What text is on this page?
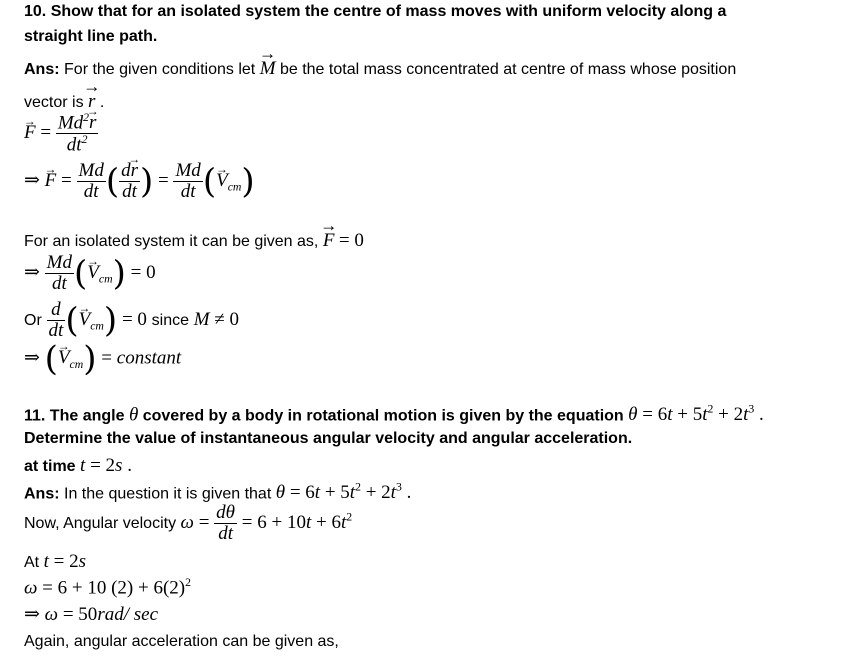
10. Show that for an isolated system the centre of mass moves with uniform velocity along a
straight line path.
Ans: For the given conditions let → M be the total mass concentrated at centre of mass whose position
vector is → r .
→ $F = \frac{Md^2\to r}{dt^2}$
⇒ → $F = \frac{Md}{dt}$ ( $\frac{d\to r}{dt}$ ) = $\frac{Md}{dt}$ (→ $V_{cm}$)
For an isolated system it can be given as, → F = 0
⇒ $\frac{Md}{dt}$ (→ $V_{cm}) = 0$
Or $\frac{d}{dt}$ (→ $V_{cm}) = 0$ since M ≠ 0
⇒ (→ $V_{cm}$) = constant
11. The angle θ covered by a body in rotational motion is given by the equation $\theta = 6t + 5t^2 + 2t^3$ .
Determine the value of instantaneous angular velocity and angular acceleration.
at time t = 2s .
Ans: In the question it is given that $\theta = 6t + 5t^2 + 2t^3$ .
Now, Angular velocity $\omega = \frac{d\theta}{dt} = 6 + 10t + 6t^2$
At t = 2s
ω = 6 + 10 $(2) + 6(2)^2$
⇒ ω = 50rad/ sec
Again, angular acceleration can be given as,
